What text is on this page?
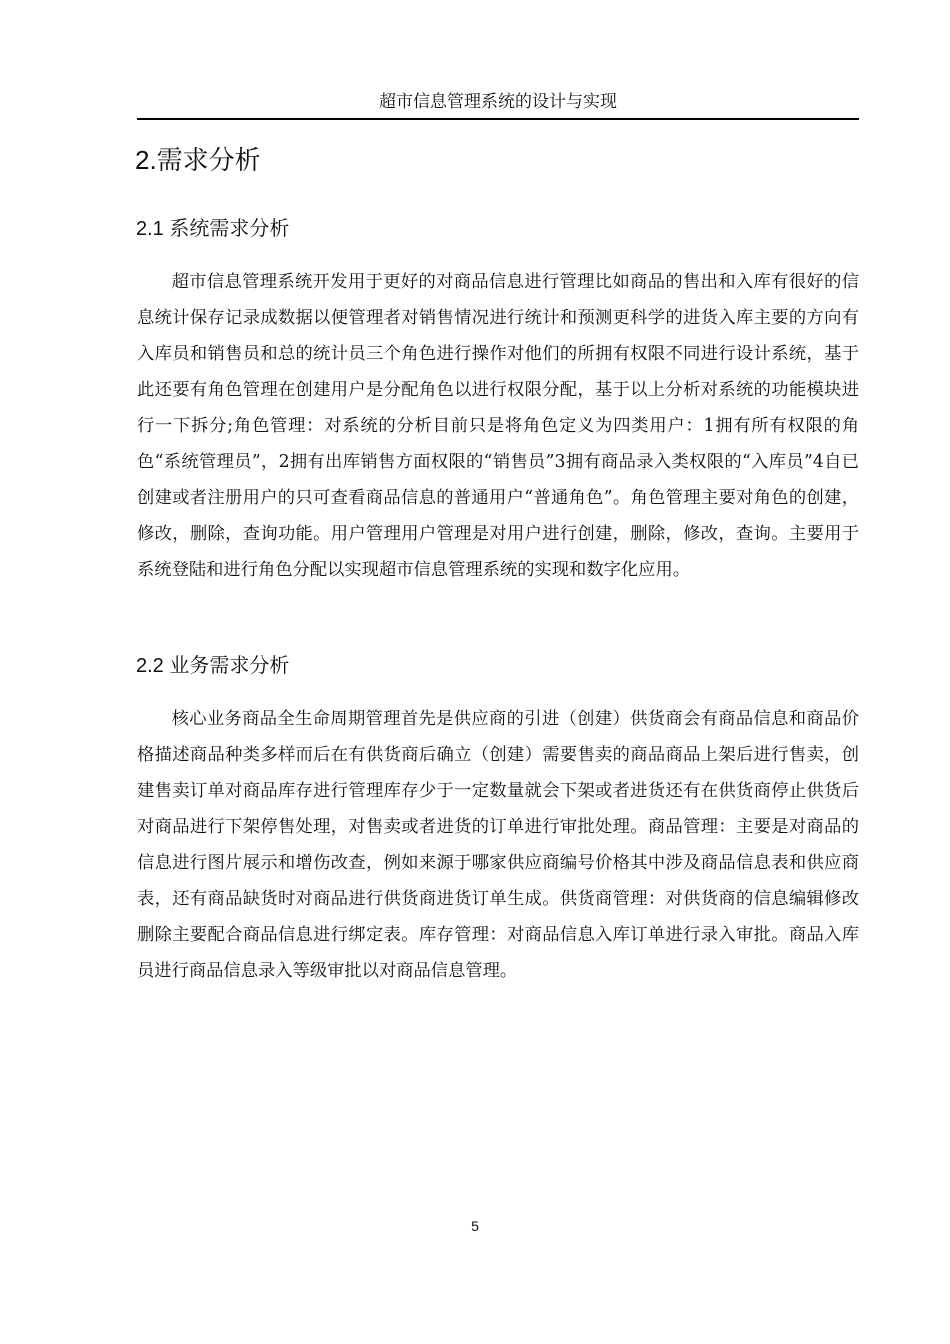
超市信息管理系统的设计与实现
2.需求分析
2.1 系统需求分析

超市信息管理系统开发用于更好的对商品信息进行管理比如商品的售出和入库有很好的信息统计保存记录成数据以便管理者对销售情况进行统计和预测更科学的进货入库主要的方向有入库员和销售员和总的统计员三个角色进行操作对他们的所拥有权限不同进行设计系统，基于此还要有角色管理在创建用户是分配角色以进行权限分配，基于以上分析对系统的功能模块进行一下拆分;角色管理：对系统的分析目前只是将角色定义为四类用户：1拥有所有权限的角色“系统管理员”，2拥有出库销售方面权限的“销售员”3拥有商品录入类权限的“入库员”4自已创建或者注册用户的只可查看商品信息的普通用户“普通角色”。角色管理主要对角色的创建，修改，删除，查询功能。用户管理用户管理是对用户进行创建，删除，修改，查询。主要用于系统登陆和进行角色分配以实现超市信息管理系统的实现和数字化应用。

2.2 业务需求分析

核心业务商品全生命周期管理首先是供应商的引进（创建）供货商会有商品信息和商品价格描述商品种类多样而后在有供货商后确立（创建）需要售卖的商品商品上架后进行售卖，创建售卖订单对商品库存进行管理库存少于一定数量就会下架或者进货还有在供货商停止供货后对商品进行下架停售处理，对售卖或者进货的订单进行审批处理。商品管理：主要是对商品的信息进行图片展示和增伤改查，例如来源于哪家供应商编号价格其中涉及商品信息表和供应商表，还有商品缺货时对商品进行供货商进货订单生成。供货商管理：对供货商的信息编辑修改删除主要配合商品信息进行绑定表。库存管理：对商品信息入库订单进行录入审批。商品入库员进行商品信息录入等级审批以对商品信息管理。

5
